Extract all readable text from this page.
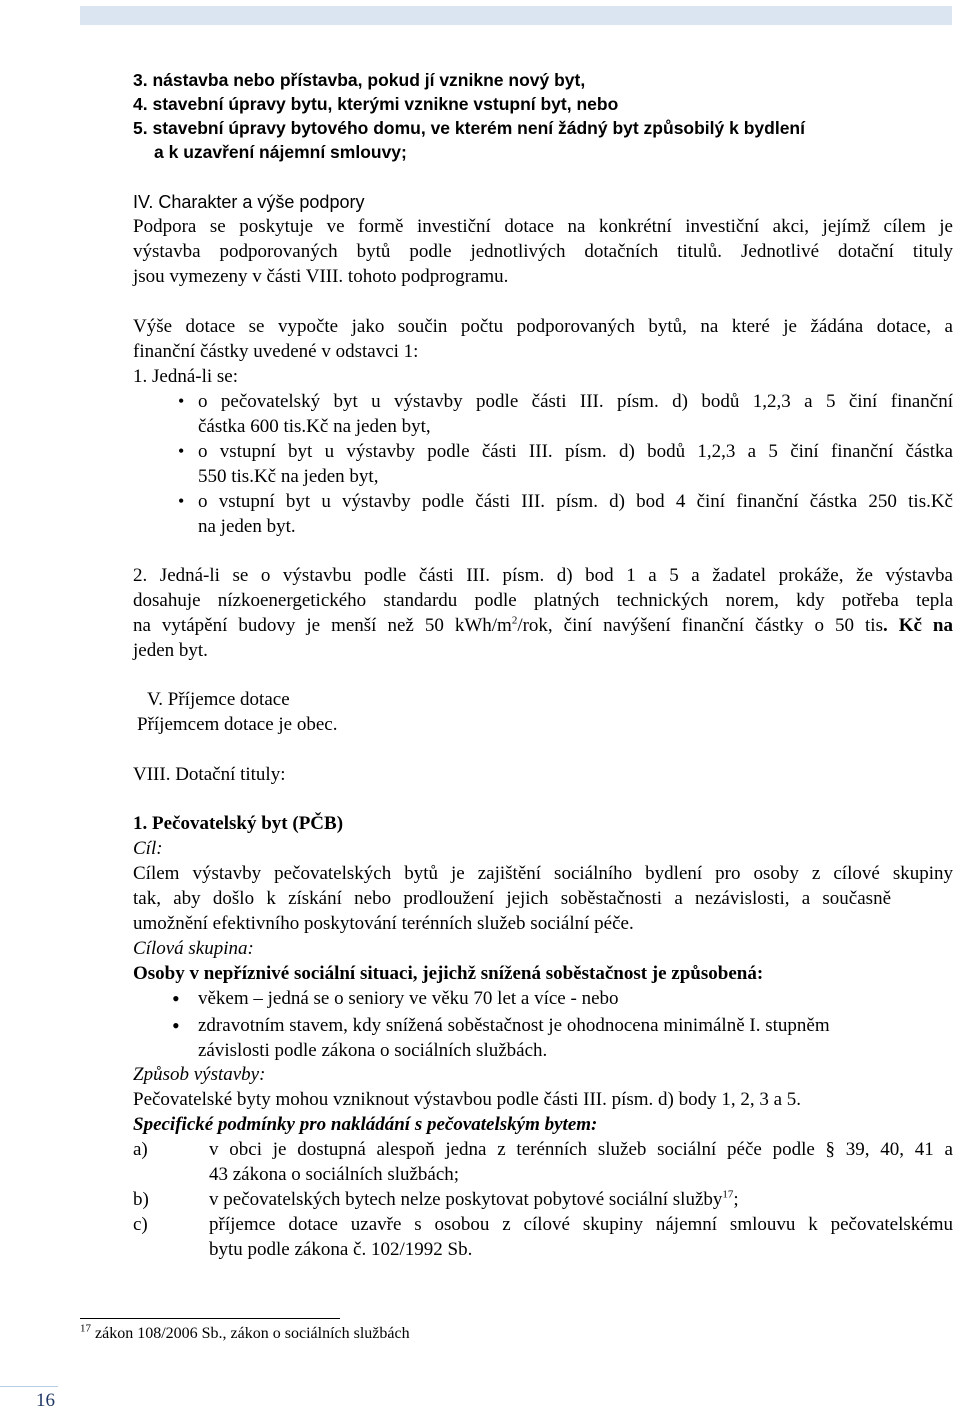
3. nástavba nebo přístavba, pokud jí vznikne nový byt,
4. stavební úpravy bytu, kterými vznikne vstupní byt, nebo
5. stavební úpravy bytového domu, ve kterém není žádný byt způsobilý k bydlení
a k uzavření nájemní smlouvy;
IV. Charakter a výše podpory
Podpora se poskytuje ve formě investiční dotace na konkrétní investiční akci, jejímž cílem je
výstavba podporovaných bytů podle jednotlivých dotačních titulů. Jednotlivé dotační tituly
jsou vymezeny v části VIII. tohoto podprogramu.
Výše dotace se vypočte jako součin počtu podporovaných bytů, na které je žádána dotace, a
finanční částky uvedené v odstavci 1:
1. Jedná-li se:
• o pečovatelský byt u výstavby podle části III. písm. d) bodů 1,2,3 a 5 činí finanční
částka 600 tis.Kč na jeden byt,
• o vstupní byt u výstavby podle části III. písm. d) bodů 1,2,3 a 5 činí finanční částka
550 tis.Kč na jeden byt,
• o vstupní byt u výstavby podle části III. písm. d) bod 4 činí finanční částka 250 tis.Kč
na jeden byt.
2. Jedná-li se o výstavbu podle části III. písm. d) bod 1 a 5 a žadatel prokáže, že výstavba
dosahuje nízkoenergetického standardu podle platných technických norem, kdy potřeba tepla
na vytápění budovy je menší než 50 kWh/$m^2$/rok, činí navýšení finanční částky o 50 tis. Kč na
jeden byt.
V. Příjemce dotace
Příjemcem dotace je obec.
VIII. Dotační tituly:
1. Pečovatelský byt (PČB)
Cíl:
Cílem výstavby pečovatelských bytů je zajištění sociálního bydlení pro osoby z cílové skupiny
tak, aby došlo k získání nebo prodloužení jejich soběstačnosti a nezávislosti, a současně
umožnění efektivního poskytování terénních služeb sociální péče.
Cílová skupina:
Osoby v nepříznivé sociální situaci, jejichž snížená soběstačnost je způsobená:
• věkem – jedná se o seniory ve věku 70 let a více - nebo
• zdravotním stavem, kdy snížená soběstačnost je ohodnocena minimálně I. stupněm
závislosti podle zákona o sociálních službách.
Způsob výstavby:
Pečovatelské byty mohou vzniknout výstavbou podle části III. písm. d) body 1, 2, 3 a 5.
Specifické podmínky pro nakládání s pečovatelským bytem:
a)	v obci je dostupná alespoň jedna z terénních služeb sociální péče podle § 39, 40, 41 a
43 zákona o sociálních službách;
b)	v pečovatelských bytech nelze poskytovat pobytové sociální služby$^{17}$;
c)	příjemce dotace uzavře s osobou z cílové skupiny nájemní smlouvu k pečovatelskému
bytu podle zákona č. 102/1992 Sb.
$^{17}$ zákon 108/2006 Sb., zákon o sociálních službách
16
